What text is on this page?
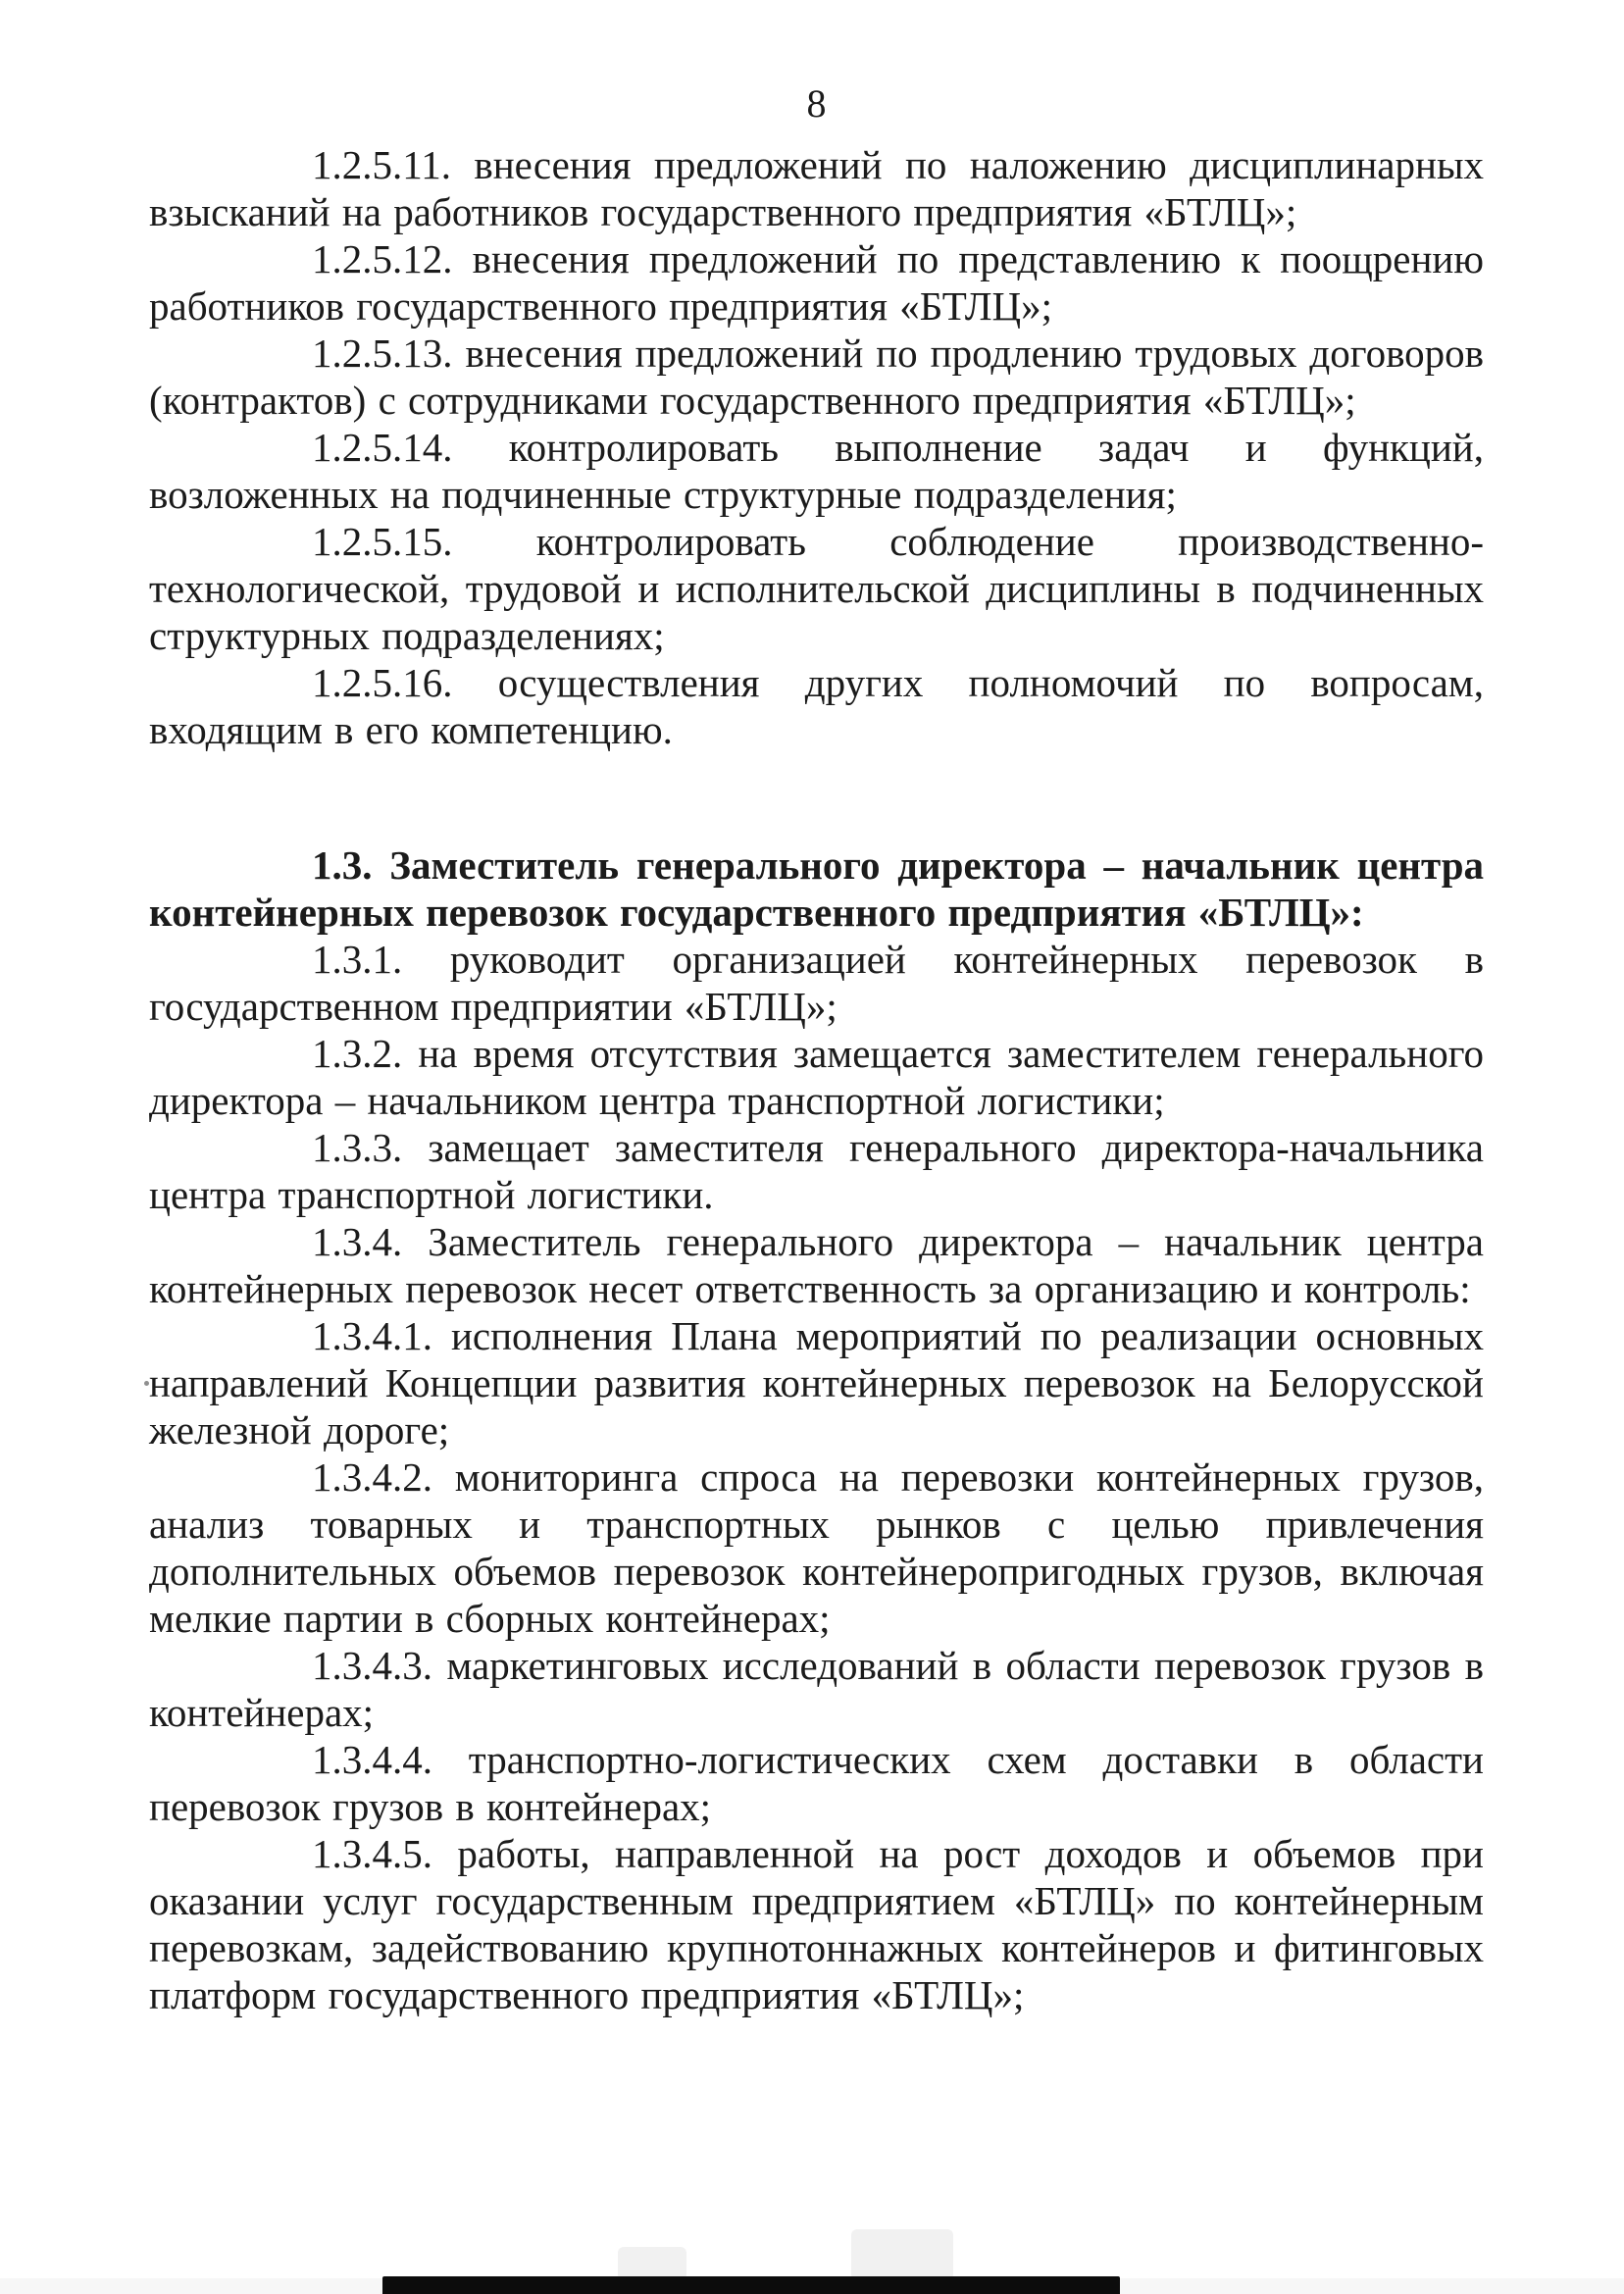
8

1.2.5.11. внесения предложений по наложению дисциплинарных взысканий на работников государственного предприятия «БТЛЦ»;

1.2.5.12. внесения предложений по представлению к поощрению работников государственного предприятия «БТЛЦ»;

1.2.5.13. внесения предложений по продлению трудовых договоров (контрактов) с сотрудниками государственного предприятия «БТЛЦ»;

1.2.5.14. контролировать выполнение задач и функций, возложенных на подчиненные структурные подразделения;

1.2.5.15. контролировать соблюдение производственно-технологической, трудовой и исполнительской дисциплины в подчиненных структурных подразделениях;

1.2.5.16. осуществления других полномочий по вопросам, входящим в его компетенцию.

1.3. Заместитель генерального директора – начальник центра контейнерных перевозок государственного предприятия «БТЛЦ»:

1.3.1. руководит организацией контейнерных перевозок в государственном предприятии «БТЛЦ»;

1.3.2. на время отсутствия замещается заместителем генерального директора – начальником центра транспортной логистики;

1.3.3. замещает заместителя генерального директора-начальника центра транспортной логистики.

1.3.4. Заместитель генерального директора – начальник центра контейнерных перевозок несет ответственность за организацию и контроль:

1.3.4.1. исполнения Плана мероприятий по реализации основных направлений Концепции развития контейнерных перевозок на Белорусской железной дороге;

1.3.4.2. мониторинга спроса на перевозки контейнерных грузов, анализ товарных и транспортных рынков с целью привлечения дополнительных объемов перевозок контейнеропригодных грузов, включая мелкие партии в сборных контейнерах;

1.3.4.3. маркетинговых исследований в области перевозок грузов в контейнерах;

1.3.4.4. транспортно-логистических схем доставки в области перевозок грузов в контейнерах;

1.3.4.5. работы, направленной на рост доходов и объемов при оказании услуг государственным предприятием «БТЛЦ» по контейнерным перевозкам, задействованию крупнотоннажных контейнеров и фитинговых платформ государственного предприятия «БТЛЦ»;
